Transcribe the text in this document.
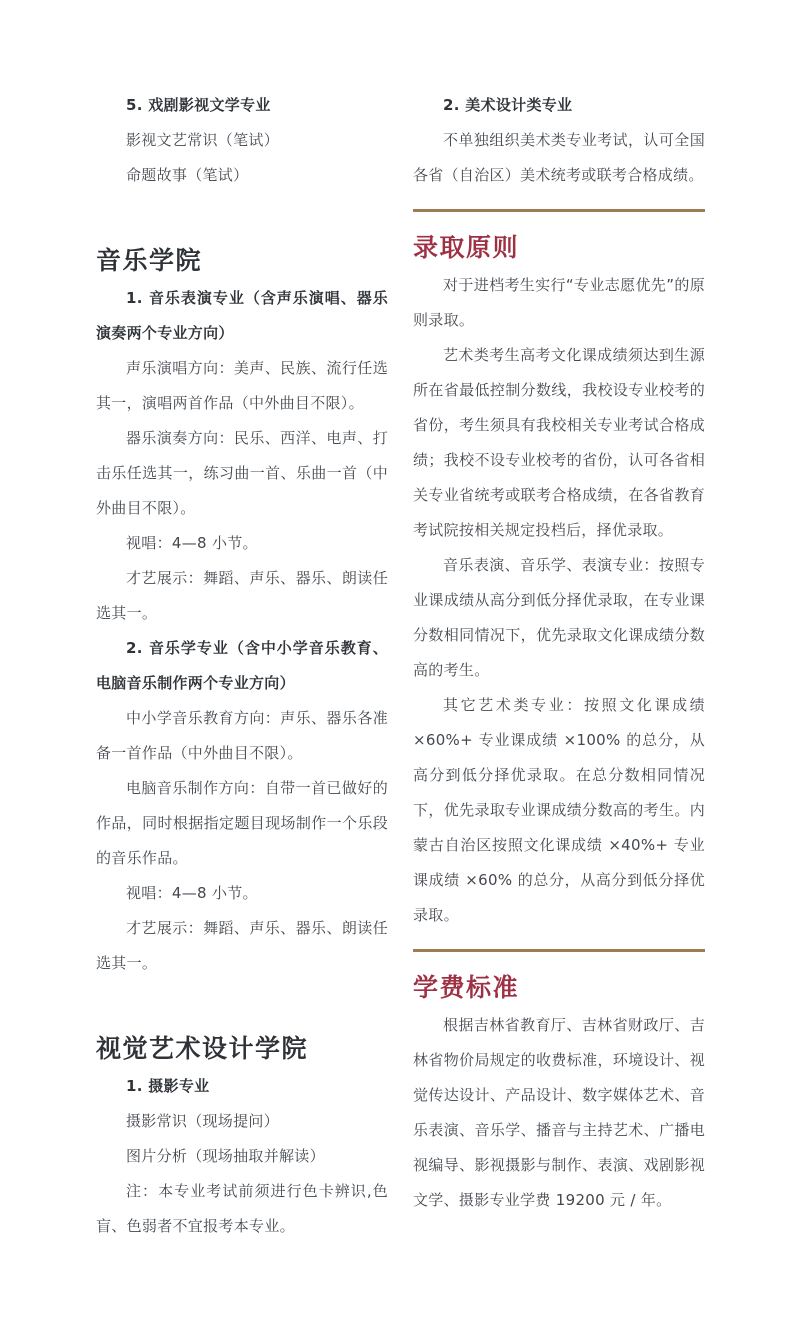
5. 戏剧影视文学专业

影视文艺常识（笔试）

命题故事（笔试）

音乐学院

1. 音乐表演专业（含声乐演唱、器乐演奏两个专业方向）

声乐演唱方向：美声、民族、流行任选其一，演唱两首作品（中外曲目不限）。

器乐演奏方向：民乐、西洋、电声、打击乐任选其一，练习曲一首、乐曲一首（中外曲目不限）。

视唱：4—8 小节。

才艺展示：舞蹈、声乐、器乐、朗读任选其一。

2. 音乐学专业（含中小学音乐教育、电脑音乐制作两个专业方向）

中小学音乐教育方向：声乐、器乐各准备一首作品（中外曲目不限）。

电脑音乐制作方向：自带一首已做好的作品，同时根据指定题目现场制作一个乐段的音乐作品。

视唱：4—8 小节。

才艺展示：舞蹈、声乐、器乐、朗读任选其一。

视觉艺术设计学院

1. 摄影专业

摄影常识（现场提问）

图片分析（现场抽取并解读）

注：本专业考试前须进行色卡辨识,色盲、色弱者不宜报考本专业。

2. 美术设计类专业

不单独组织美术类专业考试，认可全国各省（自治区）美术统考或联考合格成绩。

录取原则

对于进档考生实行“专业志愿优先”的原则录取。

艺术类考生高考文化课成绩须达到生源所在省最低控制分数线，我校设专业校考的省份，考生须具有我校相关专业考试合格成绩；我校不设专业校考的省份，认可各省相关专业省统考或联考合格成绩，在各省教育考试院按相关规定投档后，择优录取。

音乐表演、音乐学、表演专业：按照专业课成绩从高分到低分择优录取，在专业课分数相同情况下，优先录取文化课成绩分数高的考生。

其它艺术类专业：按照文化课成绩 ×60%+ 专业课成绩 ×100% 的总分，从高分到低分择优录取。在总分数相同情况下，优先录取专业课成绩分数高的考生。内蒙古自治区按照文化课成绩 ×40%+ 专业课成绩 ×60% 的总分，从高分到低分择优录取。

学费标准

根据吉林省教育厅、吉林省财政厅、吉林省物价局规定的收费标准，环境设计、视觉传达设计、产品设计、数字媒体艺术、音乐表演、音乐学、播音与主持艺术、广播电视编导、影视摄影与制作、表演、戏剧影视文学、摄影专业学费 19200 元 / 年。
